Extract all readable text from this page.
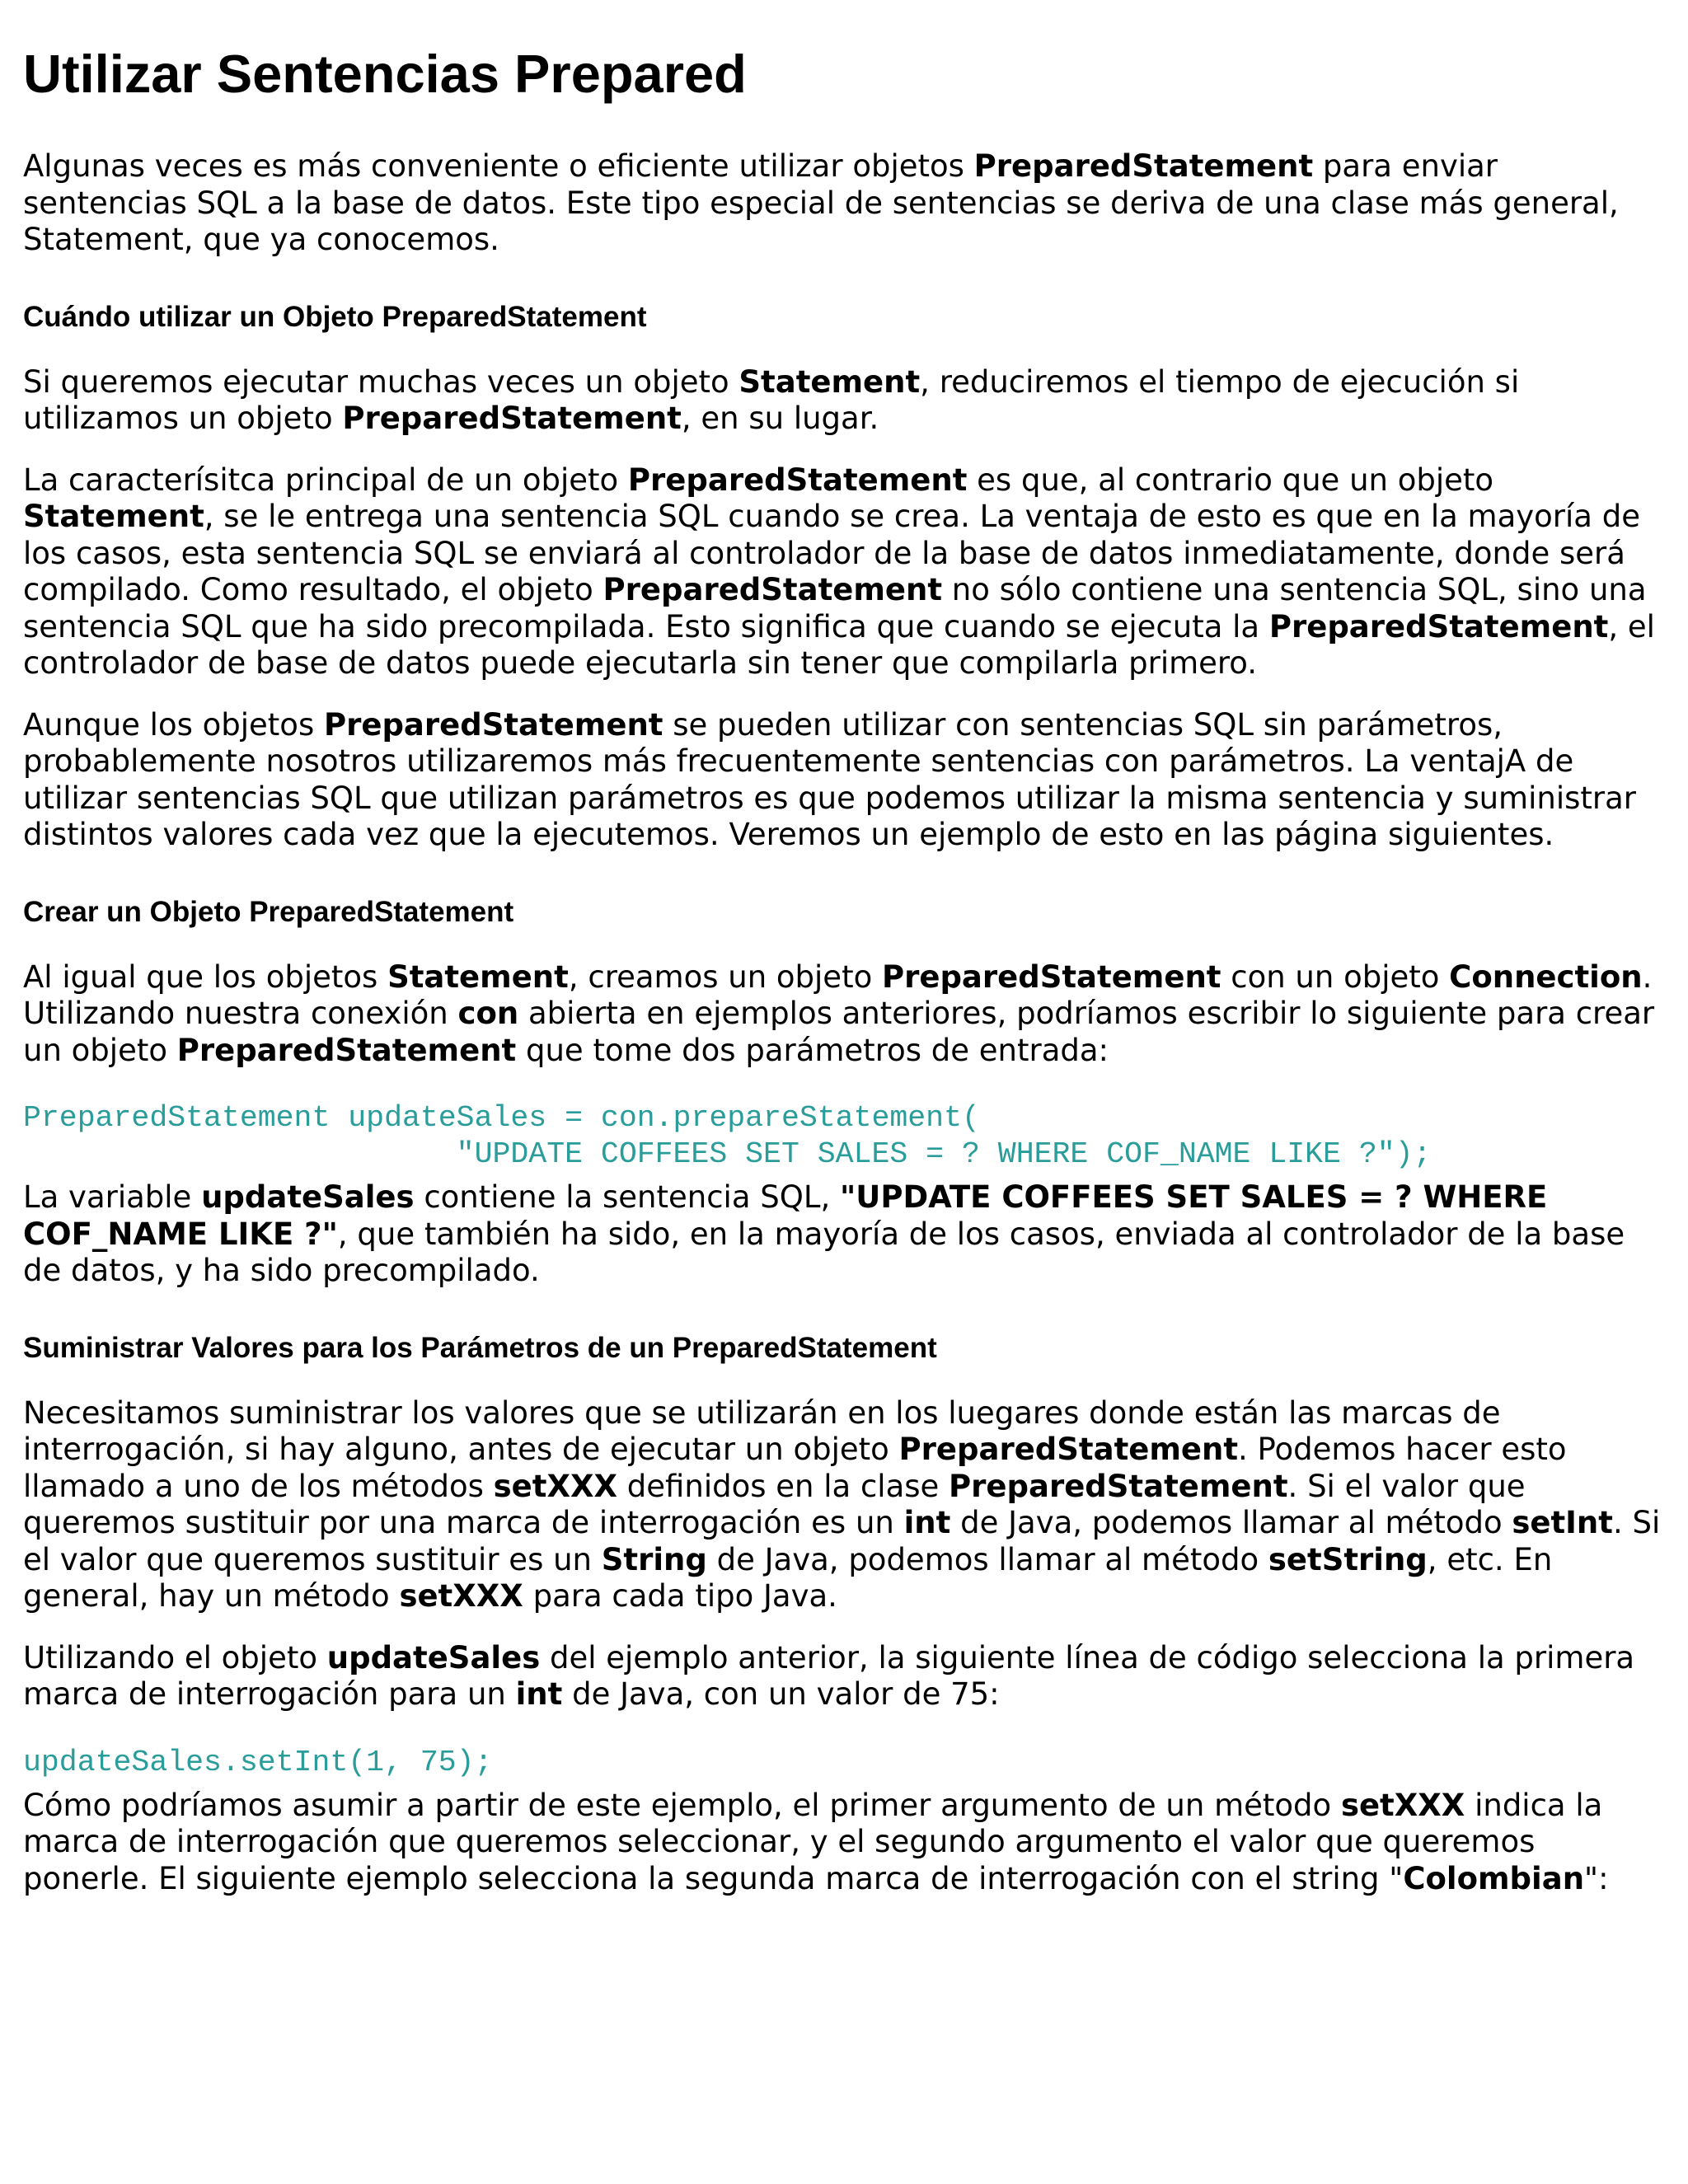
Utilizar Sentencias Prepared

Algunas veces es más conveniente o eficiente utilizar objetos PreparedStatement para enviar sentencias SQL a la base de datos. Este tipo especial de sentencias se deriva de una clase más general, Statement, que ya conocemos.

Cuándo utilizar un Objeto PreparedStatement

Si queremos ejecutar muchas veces un objeto Statement, reduciremos el tiempo de ejecución si utilizamos un objeto PreparedStatement, en su lugar.

La caracterísitca principal de un objeto PreparedStatement es que, al contrario que un objeto Statement, se le entrega una sentencia SQL cuando se crea. La ventaja de esto es que en la mayoría de los casos, esta sentencia SQL se enviará al controlador de la base de datos inmediatamente, donde será compilado. Como resultado, el objeto PreparedStatement no sólo contiene una sentencia SQL, sino una sentencia SQL que ha sido precompilada. Esto significa que cuando se ejecuta la PreparedStatement, el controlador de base de datos puede ejecutarla sin tener que compilarla primero.

Aunque los objetos PreparedStatement se pueden utilizar con sentencias SQL sin parámetros, probablemente nosotros utilizaremos más frecuentemente sentencias con parámetros. La ventajA de utilizar sentencias SQL que utilizan parámetros es que podemos utilizar la misma sentencia y suministrar distintos valores cada vez que la ejecutemos. Veremos un ejemplo de esto en las página siguientes.

Crear un Objeto PreparedStatement

Al igual que los objetos Statement, creamos un objeto PreparedStatement con un objeto Connection. Utilizando nuestra conexión con abierta en ejemplos anteriores, podríamos escribir lo siguiente para crear un objeto PreparedStatement que tome dos parámetros de entrada:

PreparedStatement updateSales = con.prepareStatement(
"UPDATE COFFEES SET SALES = ? WHERE COF_NAME LIKE ?");

La variable updateSales contiene la sentencia SQL, "UPDATE COFFEES SET SALES = ? WHERE COF_NAME LIKE ?", que también ha sido, en la mayoría de los casos, enviada al controlador de la base de datos, y ha sido precompilado.

Suministrar Valores para los Parámetros de un PreparedStatement

Necesitamos suministrar los valores que se utilizarán en los luegares donde están las marcas de interrogación, si hay alguno, antes de ejecutar un objeto PreparedStatement. Podemos hacer esto llamado a uno de los métodos setXXX definidos en la clase PreparedStatement. Si el valor que queremos sustituir por una marca de interrogación es un int de Java, podemos llamar al método setInt. Si el valor que queremos sustituir es un String de Java, podemos llamar al método setString, etc. En general, hay un método setXXX para cada tipo Java.

Utilizando el objeto updateSales del ejemplo anterior, la siguiente línea de código selecciona la primera marca de interrogación para un int de Java, con un valor de 75:

updateSales.setInt(1, 75);

Cómo podríamos asumir a partir de este ejemplo, el primer argumento de un método setXXX indica la marca de interrogación que queremos seleccionar, y el segundo argumento el valor que queremos ponerle. El siguiente ejemplo selecciona la segunda marca de interrogación con el string "Colombian":
